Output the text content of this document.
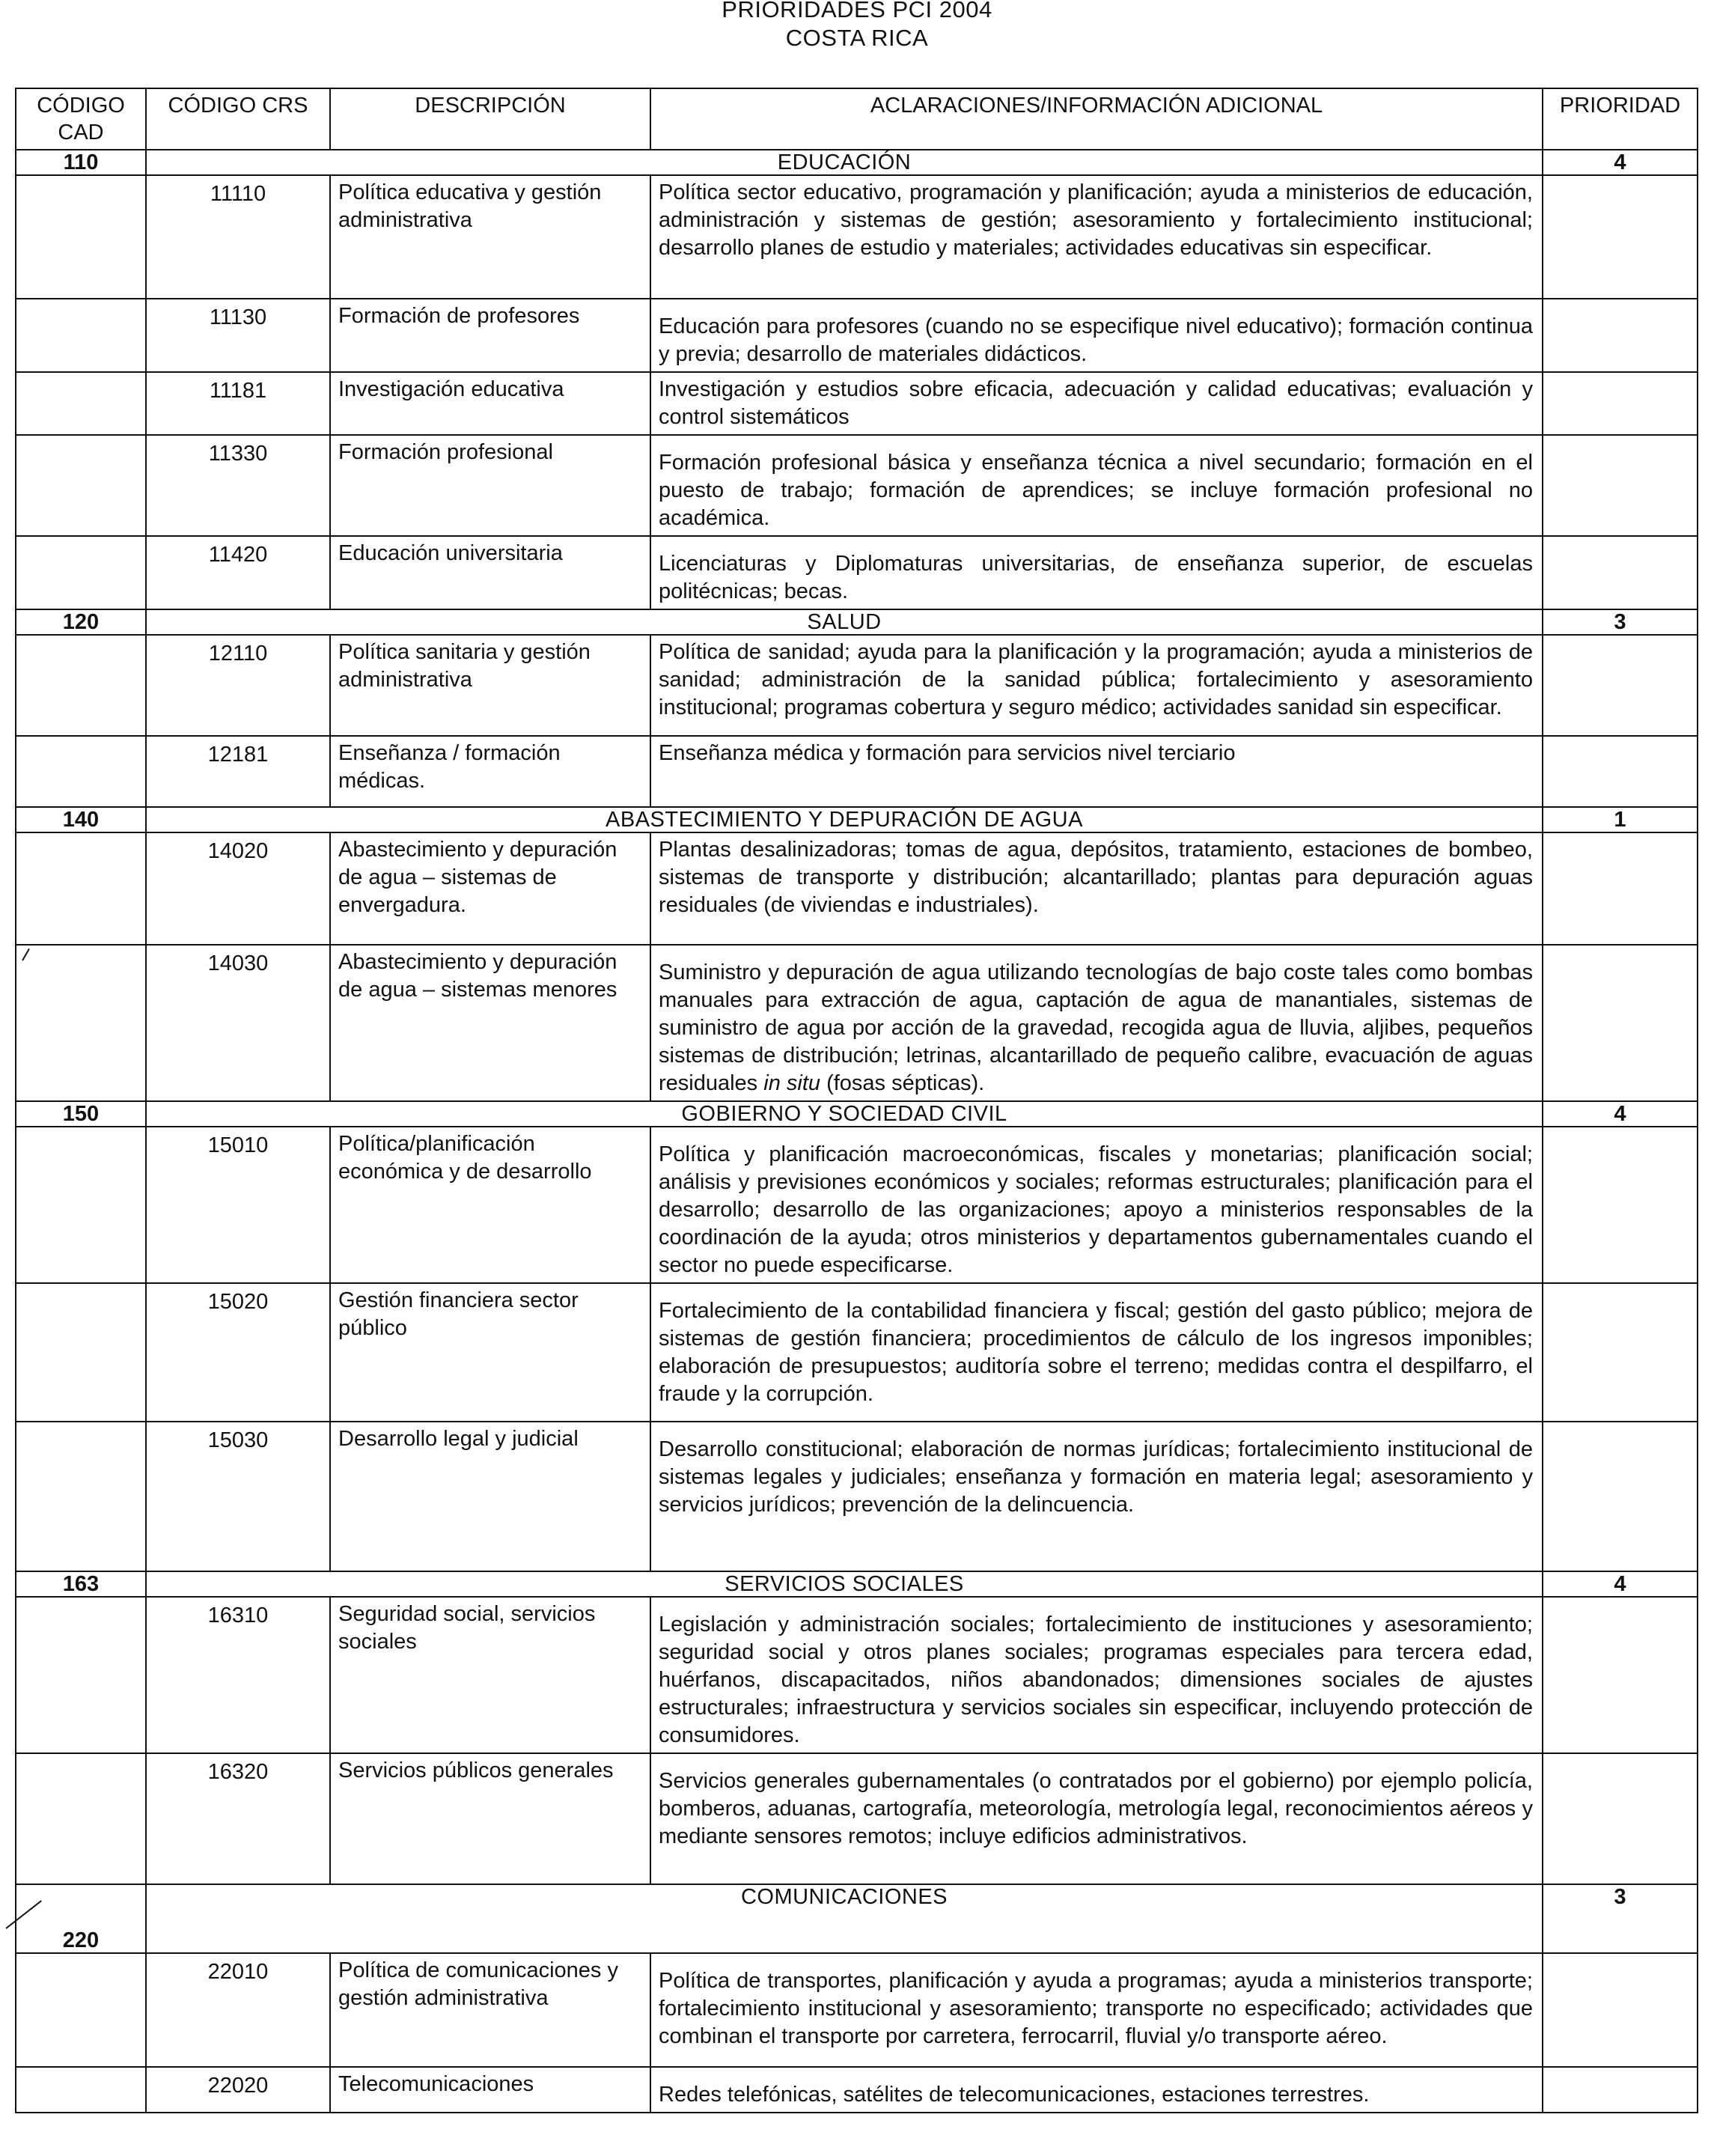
PRIORIDADES PCI 2004
COSTA RICA
CÓDIGO CAD	CÓDIGO CRS	DESCRIPCIÓN	ACLARACIONES/INFORMACIÓN ADICIONAL	PRIORIDAD
110	EDUCACIÓN			4
	11110	Política educativa y gestión administrativa	Política sector educativo, programación y planificación; ayuda a ministerios de educación, administración y sistemas de gestión; asesoramiento y fortalecimiento institucional; desarrollo planes de estudio y materiales; actividades educativas sin especificar.	
	11130	Formación de profesores	Educación para profesores (cuando no se especifique nivel educativo); formación continua y previa; desarrollo de materiales didácticos.	
	11181	Investigación educativa	Investigación y estudios sobre eficacia, adecuación y calidad educativas; evaluación y control sistemáticos	
	11330	Formación profesional	Formación profesional básica y enseñanza técnica a nivel secundario; formación en el puesto de trabajo; formación de aprendices; se incluye formación profesional no académica.	
	11420	Educación universitaria	Licenciaturas y Diplomaturas universitarias, de enseñanza superior, de escuelas politécnicas; becas.	
120	SALUD			3
	12110	Política sanitaria y gestión administrativa	Política de sanidad; ayuda para la planificación y la programación; ayuda a ministerios de sanidad; administración de la sanidad pública; fortalecimiento y asesoramiento institucional; programas cobertura y seguro médico; actividades sanidad sin especificar.	
	12181	Enseñanza / formación médicas.	Enseñanza médica y formación para servicios nivel terciario	
140	ABASTECIMIENTO Y DEPURACIÓN DE AGUA			1
	14020	Abastecimiento y depuración de agua – sistemas de envergadura.	Plantas desalinizadoras; tomas de agua, depósitos, tratamiento, estaciones de bombeo, sistemas de transporte y distribución; alcantarillado; plantas para depuración aguas residuales (de viviendas e industriales).	
	14030	Abastecimiento y depuración de agua – sistemas menores	Suministro y depuración de agua utilizando tecnologías de bajo coste tales como bombas manuales para extracción de agua, captación de agua de manantiales, sistemas de suministro de agua por acción de la gravedad, recogida agua de lluvia, aljibes, pequeños sistemas de distribución; letrinas, alcantarillado de pequeño calibre, evacuación de aguas residuales in situ (fosas sépticas).	
150	GOBIERNO Y SOCIEDAD CIVIL			4
	15010	Política/planificación económica y de desarrollo	Política y planificación macroeconómicas, fiscales y monetarias; planificación social; análisis y previsiones económicos y sociales; reformas estructurales; planificación para el desarrollo; desarrollo de las organizaciones; apoyo a ministerios responsables de la coordinación de la ayuda; otros ministerios y departamentos gubernamentales cuando el sector no puede especificarse.	
	15020	Gestión financiera sector público	Fortalecimiento de la contabilidad financiera y fiscal; gestión del gasto público; mejora de sistemas de gestión financiera; procedimientos de cálculo de los ingresos imponibles; elaboración de presupuestos; auditoría sobre el terreno; medidas contra el despilfarro, el fraude y la corrupción.	
	15030	Desarrollo legal y judicial	Desarrollo constitucional; elaboración de normas jurídicas; fortalecimiento institucional de sistemas legales y judiciales; enseñanza y formación en materia legal; asesoramiento y servicios jurídicos; prevención de la delincuencia.	
163	SERVICIOS SOCIALES			4
	16310	Seguridad social, servicios sociales	Legislación y administración sociales; fortalecimiento de instituciones y asesoramiento; seguridad social y otros planes sociales; programas especiales para tercera edad, huérfanos, discapacitados, niños abandonados; dimensiones sociales de ajustes estructurales; infraestructura y servicios sociales sin especificar, incluyendo protección de consumidores.	
	16320	Servicios públicos generales	Servicios generales gubernamentales (o contratados por el gobierno) por ejemplo policía, bomberos, aduanas, cartografía, meteorología, metrología legal, reconocimientos aéreos y mediante sensores remotos; incluye edificios administrativos.	
220	COMUNICACIONES			3
	22010	Política de comunicaciones y gestión administrativa	Política de transportes, planificación y ayuda a programas; ayuda a ministerios transporte; fortalecimiento institucional y asesoramiento; transporte no especificado; actividades que combinan el transporte por carretera, ferrocarril, fluvial y/o transporte aéreo.	
	22020	Telecomunicaciones	Redes telefónicas, satélites de telecomunicaciones, estaciones terrestres.	
